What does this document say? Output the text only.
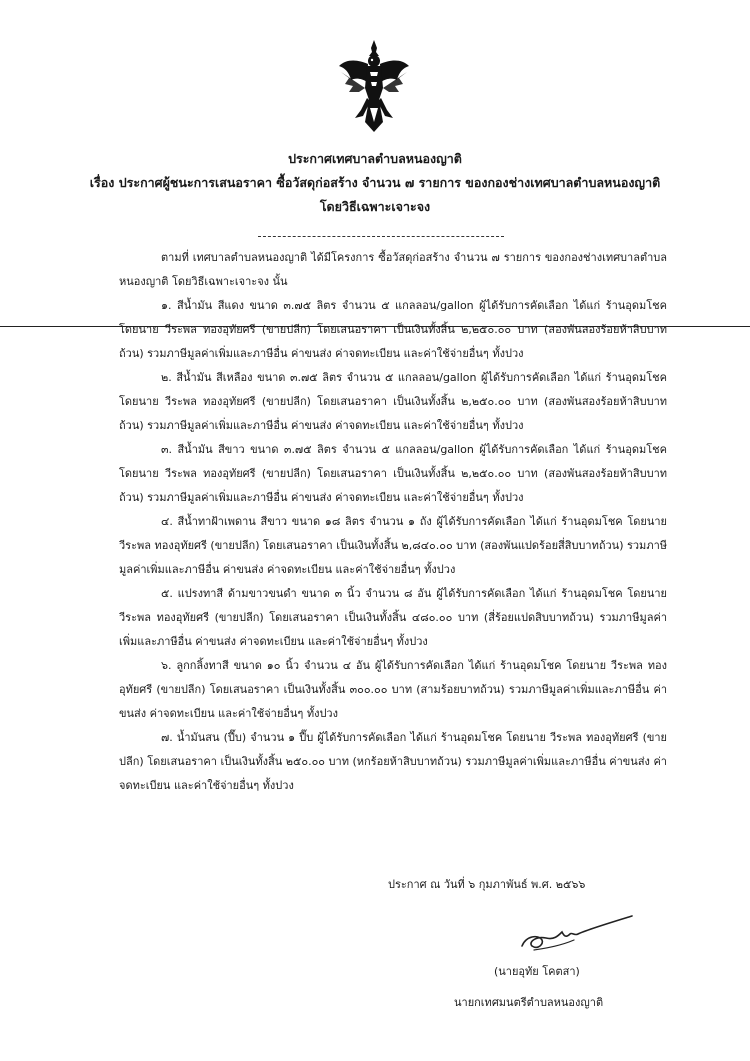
ประกาศเทศบาลตำบลหนองญาติ
เรื่อง ประกาศผู้ชนะการเสนอราคา ซื้อวัสดุก่อสร้าง จำนวน ๗ รายการ ของกองช่างเทศบาลตำบลหนองญาติ
โดยวิธีเฉพาะเจาะจง

ตามที่ เทศบาลตำบลหนองญาติ ได้มีโครงการ ซื้อวัสดุก่อสร้าง จำนวน ๗ รายการ ของกองช่างเทศบาลตำบลหนองญาติ โดยวิธีเฉพาะเจาะจง นั้น

๑. สีน้ำมัน สีแดง ขนาด ๓.๗๕ ลิตร จำนวน ๕ แกลลอน/gallon ผู้ได้รับการคัดเลือก ได้แก่ ร้านอุดมโชค โดยนาย วีระพล ทองอุทัยศรี (ขายปลีก) โดยเสนอราคา เป็นเงินทั้งสิ้น ๒,๒๕๐.๐๐ บาท (สองพันสองร้อยห้าสิบบาทถ้วน) รวมภาษีมูลค่าเพิ่มและภาษีอื่น ค่าขนส่ง ค่าจดทะเบียน และค่าใช้จ่ายอื่นๆ ทั้งปวง

๒. สีน้ำมัน สีเหลือง ขนาด ๓.๗๕ ลิตร จำนวน ๕ แกลลอน/gallon ผู้ได้รับการคัดเลือก ได้แก่ ร้านอุดมโชค โดยนาย วีระพล ทองอุทัยศรี (ขายปลีก) โดยเสนอราคา เป็นเงินทั้งสิ้น ๒,๒๕๐.๐๐ บาท (สองพันสองร้อยห้าสิบบาทถ้วน) รวมภาษีมูลค่าเพิ่มและภาษีอื่น ค่าขนส่ง ค่าจดทะเบียน และค่าใช้จ่ายอื่นๆ ทั้งปวง

๓. สีน้ำมัน สีขาว ขนาด ๓.๗๕ ลิตร จำนวน ๕ แกลลอน/gallon ผู้ได้รับการคัดเลือก ได้แก่ ร้านอุดมโชค โดยนาย วีระพล ทองอุทัยศรี (ขายปลีก) โดยเสนอราคา เป็นเงินทั้งสิ้น ๒,๒๕๐.๐๐ บาท (สองพันสองร้อยห้าสิบบาทถ้วน) รวมภาษีมูลค่าเพิ่มและภาษีอื่น ค่าขนส่ง ค่าจดทะเบียน และค่าใช้จ่ายอื่นๆ ทั้งปวง

๔. สีน้ำทาฝ้าเพดาน สีขาว ขนาด ๑๘ ลิตร จำนวน ๑ ถัง ผู้ได้รับการคัดเลือก ได้แก่ ร้านอุดมโชค โดยนาย วีระพล ทองอุทัยศรี (ขายปลีก) โดยเสนอราคา เป็นเงินทั้งสิ้น ๒,๘๔๐.๐๐ บาท (สองพันแปดร้อยสี่สิบบาทถ้วน) รวมภาษีมูลค่าเพิ่มและภาษีอื่น ค่าขนส่ง ค่าจดทะเบียน และค่าใช้จ่ายอื่นๆ ทั้งปวง

๕. แปรงทาสี ด้ามขาวขนดำ ขนาด ๓ นิ้ว จำนวน ๘ อัน ผู้ได้รับการคัดเลือก ได้แก่ ร้านอุดมโชค โดยนาย วีระพล ทองอุทัยศรี (ขายปลีก) โดยเสนอราคา เป็นเงินทั้งสิ้น ๔๘๐.๐๐ บาท (สี่ร้อยแปดสิบบาทถ้วน) รวมภาษีมูลค่าเพิ่มและภาษีอื่น ค่าขนส่ง ค่าจดทะเบียน และค่าใช้จ่ายอื่นๆ ทั้งปวง

๖. ลูกกลิ้งทาสี ขนาด ๑๐ นิ้ว จำนวน ๔ อัน ผู้ได้รับการคัดเลือก ได้แก่ ร้านอุดมโชค โดยนาย วีระพล ทองอุทัยศรี (ขายปลีก) โดยเสนอราคา เป็นเงินทั้งสิ้น ๓๐๐.๐๐ บาท (สามร้อยบาทถ้วน) รวมภาษีมูลค่าเพิ่มและภาษีอื่น ค่าขนส่ง ค่าจดทะเบียน และค่าใช้จ่ายอื่นๆ ทั้งปวง

๗. น้ำมันสน (ปี๊บ) จำนวน ๑ ปี๊บ ผู้ได้รับการคัดเลือก ได้แก่ ร้านอุดมโชค โดยนาย วีระพล ทองอุทัยศรี (ขายปลีก) โดยเสนอราคา เป็นเงินทั้งสิ้น ๒๕๐.๐๐ บาท (หกร้อยห้าสิบบาทถ้วน) รวมภาษีมูลค่าเพิ่มและภาษีอื่น ค่าขนส่ง ค่าจดทะเบียน และค่าใช้จ่ายอื่นๆ ทั้งปวง

ประกาศ ณ วันที่ ๖ กุมภาพันธ์ พ.ศ. ๒๕๖๖
(นายอุทัย โคตสา)
นายกเทศมนตรีตำบลหนองญาติ
